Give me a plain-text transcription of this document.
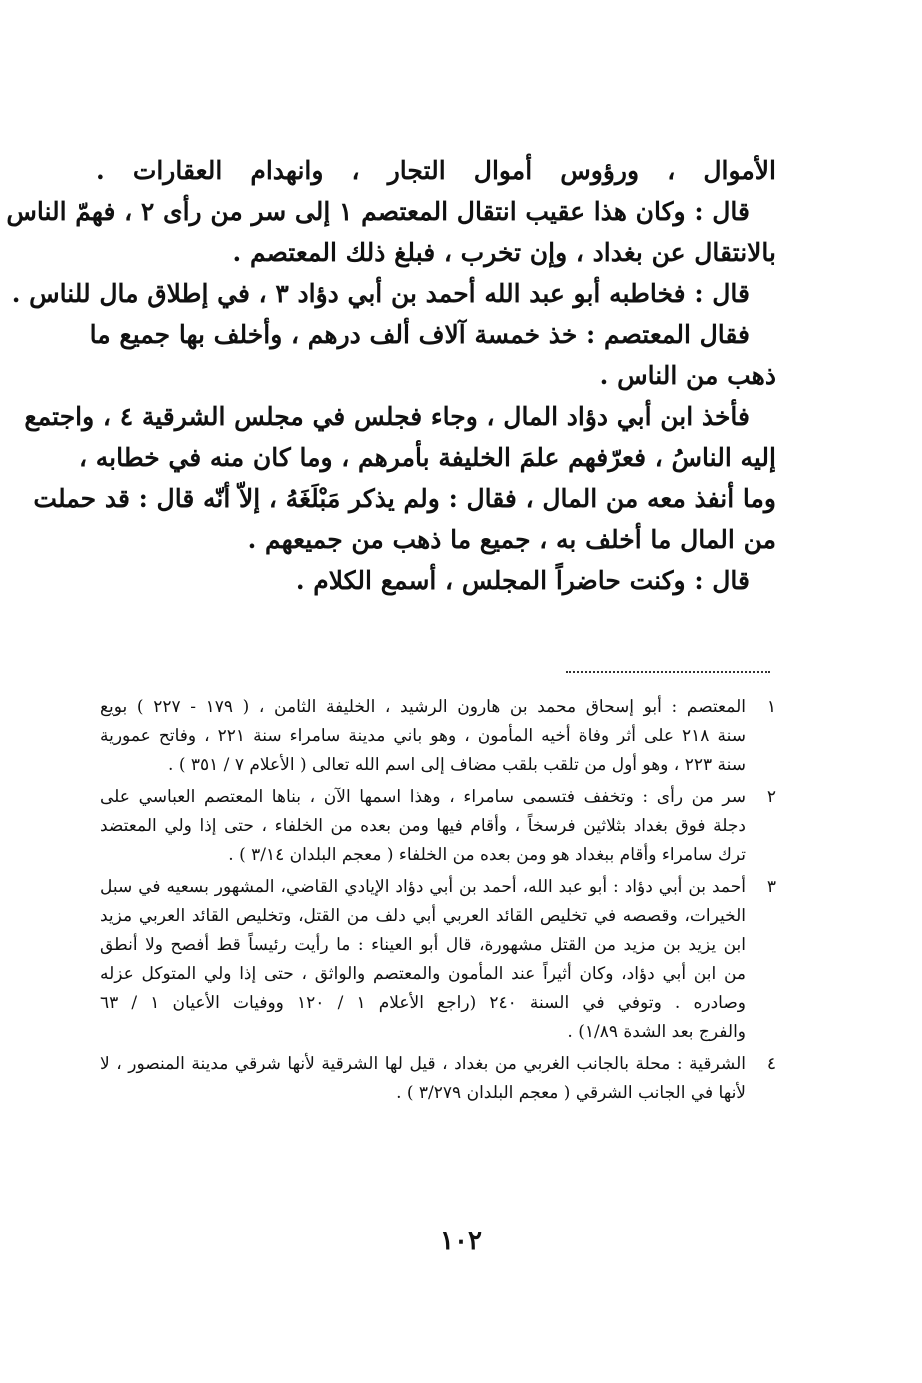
الأموال ، ورؤوس أموال التجار ، وانهدام العقارات .
قال : وكان هذا عقيب انتقال المعتصم ١ إلى سر من رأى ٢ ، فهمّ الناس
بالانتقال عن بغداد ، وإن تخرب ، فبلغ ذلك المعتصم .
قال : فخاطبه أبو عبد الله أحمد بن أبي دؤاد ٣ ، في إطلاق مال للناس .
فقال المعتصم : خذ خمسة آلاف ألف درهم ، وأخلف بها جميع ما
ذهب من الناس .
فأخذ ابن أبي دؤاد المال ، وجاء فجلس في مجلس الشرقية ٤ ، واجتمع
إليه الناسُ ، فعرّفهم علمَ الخليفة بأمرهم ، وما كان منه في خطابه ،
وما أنفذ معه من المال ، فقال : ولم يذكر مَبْلَغَهُ ، إلاّ أنّه قال : قد حملت
من المال ما أخلف به ، جميع ما ذهب من جميعهم .
قال : وكنت حاضراً المجلس ، أسمع الكلام .
١
المعتصم : أبو إسحاق محمد بن هارون الرشيد ، الخليفة الثامن ، ( ١٧٩ - ٢٢٧ ) بويع
سنة ٢١٨ على أثر وفاة أخيه المأمون ، وهو باني مدينة سامراء سنة ٢٢١ ، وفاتح عمورية
سنة ٢٢٣ ، وهو أول من تلقب بلقب مضاف إلى اسم الله تعالى ( الأعلام ٧ / ٣٥١ ) .
٢
سر من رأى : وتخفف فتسمى سامراء ، وهذا اسمها الآن ، بناها المعتصم العباسي على
دجلة فوق بغداد بثلاثين فرسخاً ، وأقام فيها ومن بعده من الخلفاء ، حتى إذا ولي المعتضد
ترك سامراء وأقام ببغداد هو ومن بعده من الخلفاء ( معجم البلدان ٣/١٤ ) .
٣
أحمد بن أبي دؤاد : أبو عبد الله، أحمد بن أبي دؤاد الإيادي القاضي، المشهور بسعيه في سبل
الخيرات، وقصصه في تخليص القائد العربي أبي دلف من القتل، وتخليص القائد العربي مزيد
ابن يزيد بن مزيد من القتل مشهورة، قال أبو العيناء : ما رأيت رئيساً قط أفصح ولا أنطق
من ابن أبي دؤاد، وكان أثيراً عند المأمون والمعتصم والواثق ، حتى إذا ولي المتوكل عزله
وصادره . وتوفي في السنة ٢٤٠ (راجع الأعلام ١ / ١٢٠ ووفيات الأعيان ١ / ٦٣
والفرج بعد الشدة ١/٨٩) .
٤
الشرقية : محلة بالجانب الغربي من بغداد ، قيل لها الشرقية لأنها شرقي مدينة المنصور ، لا
لأنها في الجانب الشرقي ( معجم البلدان ٣/٢٧٩ ) .
١٠٢
